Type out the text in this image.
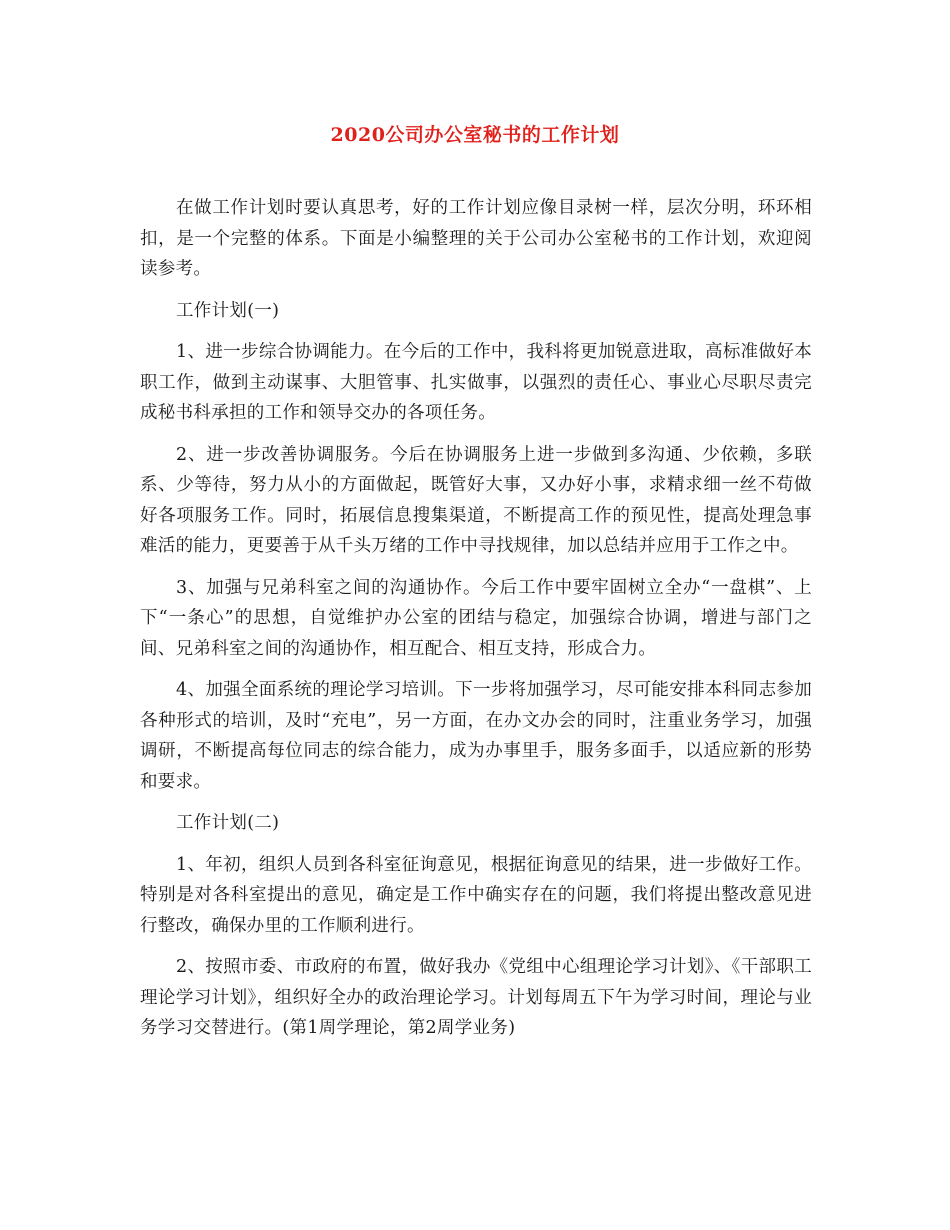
2020公司办公室秘书的工作计划

在做工作计划时要认真思考，好的工作计划应像目录树一样，层次分明，环环相扣，是一个完整的体系。下面是小编整理的关于公司办公室秘书的工作计划，欢迎阅读参考。

工作计划(一)

1、进一步综合协调能力。在今后的工作中，我科将更加锐意进取，高标准做好本职工作，做到主动谋事、大胆管事、扎实做事，以强烈的责任心、事业心尽职尽责完成秘书科承担的工作和领导交办的各项任务。

2、进一步改善协调服务。今后在协调服务上进一步做到多沟通、少依赖，多联系、少等待，努力从小的方面做起，既管好大事，又办好小事，求精求细一丝不苟做好各项服务工作。同时，拓展信息搜集渠道，不断提高工作的预见性，提高处理急事难活的能力，更要善于从千头万绪的工作中寻找规律，加以总结并应用于工作之中。

3、加强与兄弟科室之间的沟通协作。今后工作中要牢固树立全办“一盘棋”、上下“一条心”的思想，自觉维护办公室的团结与稳定，加强综合协调，增进与部门之间、兄弟科室之间的沟通协作，相互配合、相互支持，形成合力。

4、加强全面系统的理论学习培训。下一步将加强学习，尽可能安排本科同志参加各种形式的培训，及时“充电”，另一方面，在办文办会的同时，注重业务学习，加强调研，不断提高每位同志的综合能力，成为办事里手，服务多面手，以适应新的形势和要求。

工作计划(二)

1、年初，组织人员到各科室征询意见，根据征询意见的结果，进一步做好工作。特别是对各科室提出的意见，确定是工作中确实存在的问题，我们将提出整改意见进行整改，确保办里的工作顺利进行。

2、按照市委、市政府的布置，做好我办《党组中心组理论学习计划》、《干部职工理论学习计划》，组织好全办的政治理论学习。计划每周五下午为学习时间，理论与业务学习交替进行。(第1周学理论，第2周学业务)
